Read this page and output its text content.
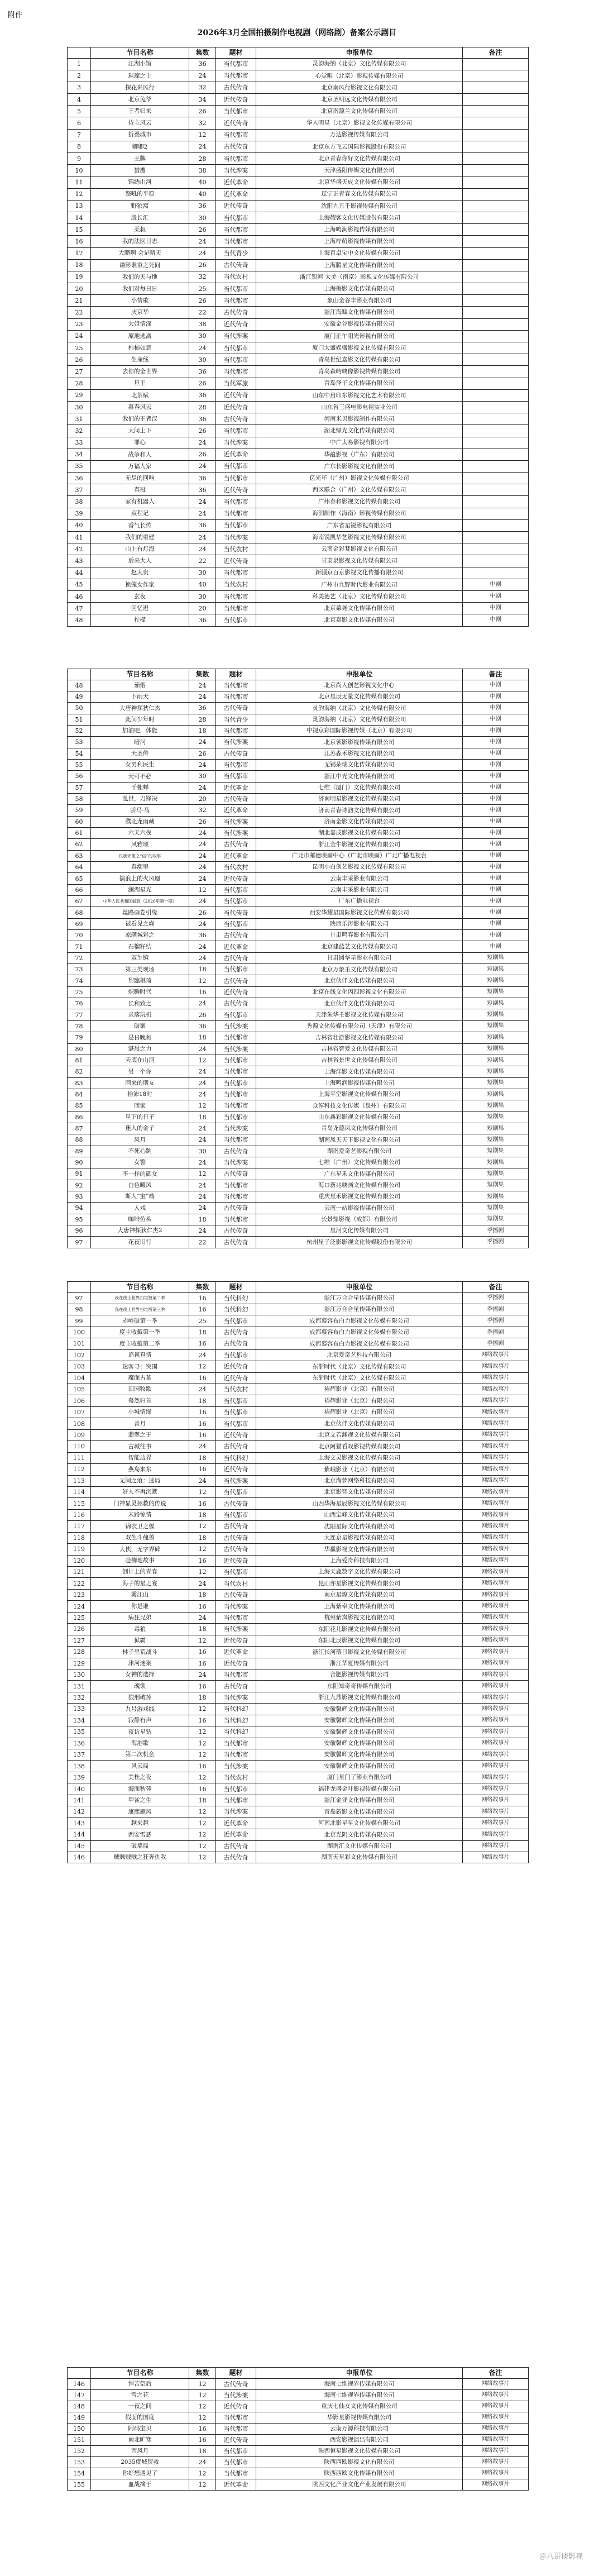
附件
2026年3月全国拍摄制作电视剧（网络剧）备案公示剧目
	节目名称	集数	题材	申报单位	备注
1	江湖小馆	36	当代都市	灵韵海纳（北京）文化传媒有限公司	
2	璀璨之上	24	当代都市	心觉唯（北京）影视传媒有限公司	
3	探花来风行	32	古代传奇	北京南风行影视文化有限公司	
4	北京兔爷	34	近代传奇	北京圣明远文化传媒有限公司	
5	王者归来	26	当代都市	北京南源兰文化传媒有限公司	
6	侍主风云	32	近代传奇	华人明星（北京）影视文化传媒有限公司	
7	折叠城市	12	当代都市	万达影视传媒有限公司	
8	卿卿2	24	古代传奇	北京东方飞云国际影视股份有限公司	
9	王牌	28	当代都市	北京青春你好文化传媒有限公司	
10	猎鹰	38	当代涉案	天津盛阳传媒文化有限公司	
11	锦绣山河	40	近代革命	北京华盛天成文化传媒有限公司	
12	怒吼的平原	40	近代革命	辽宁正青春文化传媒有限公司	
13	野狼窝	36	近代传奇	沈阳九丑千影视传媒有限公司	
14	殷长汇	30	当代都市	上海耀客文化传媒股份有限公司	
15	柔叔	26	当代都市	上海鸣涧影视传媒有限公司	
16	我的法医日志	24	当代都市	上海柠萌影视传媒有限公司	
17	大鹏啊 会是晴天	24	当代青少	上海百卓宝中文化传媒有限公司	
18	谦影谁重之死间	26	古代传奇	上海腾星文化传媒有限公司	
19	我们的天与地	32	当代农村	浙江银河 大美（南京）影视文化传媒有限公司	
20	我们对每日日	25	当代都市	上海梅影文化传媒有限公司	
21	小情歌	26	当代都市	象山金谷丰影业有限公司	
22	庆京华	22	古代传奇	浙江海赋文化传媒有限公司	
23	大姐情深	38	近代传奇	安徽金谷影视传媒有限公司	
24	原地逃离	30	当代涉案	厦门正午阳光影视有限公司	
25	柿柿如意	24	当代都市	厦门大盛娱盛影视文化传媒有限公司	
26	生命线	30	当代都市	青岛世纪嘉影文化传媒有限公司	
27	去你的全世界	36	当代都市	青岛森屿映像影视传媒有限公司	
28	旦王	26	当代军旅	青岛泽子文化传媒有限公司	
29	北茶赋	36	近代传奇	山东中启印东影视文化艺术有限公司	
30	暮春风云	28	近代传奇	山东省三盛电影电视实业公司	
31	我们的王者汉	36	古代传奇	河南米贝影视制作有限公司	
32	大问上下	26	当代都市	湖北绿光文化传媒有限公司	
33	罪心	24	当代涉案	中广太易影视有限公司	
34	战争和人	26	近代革命	华蕴影视（广东）有限公司	
35	万福人家	24	当代都市	广东长影影视文化有限公司	
36	无尽的回响	36	当代都市	亿光年（广州）影视文化传媒有限公司	
37	春冠	36	近代传奇	西区联合（广州）文化传媒有限公司	
38	家有机器人	24	当代都市	广州春和影视文化传媒有限公司	
39	双程记	24	当代都市	海润制作（海南）影视传媒有限公司	
40	香气长传	36	当代都市	广东省星锐影视有限公司	
41	我们的重建	24	当代涉案	海南锐凯华艺影视文化传媒有限公司	
42	山上有灯海	24	当代农村	云南金彩梵影视文化有限公司	
43	后来大人	22	近代传奇	甘肃泉影视文化传媒有限公司	
44	赵大贵	30	当代都市	新疆京百京影视文化传播有限公司	
45	换笼女作家	40	当代农村	广州市九野时代影业有限公司	中剧
46	玄夜	30	当代都市	科美德艺（北京）文化传媒有限公司	中剧
47	回忆迟	20	当代都市	北京慕尧文化传媒有限公司	中剧
48	柠檬	36	当代都市	北京嘉影文化传媒有限公司	中剧
	节目名称	集数	题材	申报单位	备注
48	茹烟	24	当代都市	北京尚人创艺影视文化中心	中剧
49	下雨天	24	当代都市	北京星辰无量文化传媒有限公司	中剧
50	大唐神探狄仁杰	36	古代传奇	灵韵海纳（北京）文化传媒有限公司	中剧
51	此间少年时	28	当代青少	灵韵海纳（北京）文化传媒有限公司	中剧
52	加油吧，体能	18	当代都市	中视京彩国际影视传媒（北京）有限公司	中剧
53	暗河	24	当代涉案	北京领影影视传媒有限公司	中剧
54	天圣传	26	古代传奇	江苏淼禾影视文化有限公司	中剧
55	女男利民生	24	当代都市	无锡朵瑞文化传媒有限公司	中剧
56	天可不必	30	当代都市	浙江中光文化传媒有限公司	中剧
57	千棚蝉	24	近代革命	七维（厦门）文化传媒有限公司	中剧
58	乱世，刀锋决	20	古代传奇	济南明星影视文化传媒有限公司	中剧
59	骄马·马	32	近代革命	济南青春诗韵文化传媒有限公司	中剧
60	濮北龙雨藏	26	当代涉案	济南金影文化传媒有限公司	中剧
61	六天六夜	24	当代涉案	湖北嘉成影视文化传媒有限公司	中剧
62	风雅颂	24	古代传奇	浙江金牛影视文化传媒有限公司	中剧
63	民族守望之“信”的故事	24	近代革命	广北市邮德映画中心（广北市映画）广北广播电视台	中剧
64	春潮里	24	当代农村	昆明小白创艺影视文化传媒有限公司	中剧
65	搞浪上的火凤凰	24	近代传奇	云南丰采影业有限公司	中剧
66	澜湄星光	12	当代都市	云南丰采影业有限公司	中剧
67	中华人民共和国邮政（2026年第一期）	24	当代都市	广东广播电视台	中剧
68	丝路画卷引缘	26	当代传奇	西安华耀星国际影视文化传媒有限公司	中剧
69	被看见之巅	24	当代都市	陕西乐涛影业有限公司	中剧
70	凉颜城彩之	36	古代传奇	甘肃鸣春影业有限公司	中剧
71	石榴籽结	24	近代革命	北京建蓝艺文化传媒有限公司	中剧
72	双生镜	24	古代传奇	甘肃圆华星影业有限公司	短剧集
73	第三类现场	18	当代都市	北京万象壬文化传媒有限公司	短剧集
74	犁臨棋琦	12	古代传奇	北京伙伴文化传媒有限公司	短剧集
75	炽瞬时代	16	近代传奇	北京在线文化丙四影视文化有限公司	短剧集
76	长和致之	24	古代传奇	北京伙伴文化传媒有限公司	短剧集
77	求落玩机	26	当代都市	天津朱华壬影视文化传媒有限公司	短剧集
78	破案	36	当代涉案	秀源文化传媒有限公司（天津）有限公司	短剧集
79	是日晚和	18	当代都市	吉林省壮游影视文化传媒有限公司	短剧集
80	湛晨之力	24	当代涉案	吉林省智爱文化传媒有限公司	短剧集
81	天底在山河	12	当代都市	吉林省景世文化传媒有限公司	短剧集
82	另一个你	24	当代都市	上海洋影文化传媒有限公司	短剧集
83	回来的朋友	24	当代都市	上海鸣润影视传媒有限公司	短剧集
84	拾沛18时	24	当代都市	上海平空影视文化传媒有限公司	短剧集
85	回家	12	当代都市	众淳科技文化传媒（泉州）有限公司	短剧集
86	星下的日子	18	当代都市	山东鑫彩影视文化传媒有限公司	短剧集
87	迷人的金子	24	当代涉案	青岛龙德凤文化传媒有限公司	短剧集
88	风月	24	当代都市	湖南凤天天下影视文化有限公司	短剧集
89	不死心跳	30	古代传奇	湖南爱奇艺影视有限公司	短剧集
90	女警	24	当代涉案	七维（广州）文化传媒有限公司	短剧集
91	不一样的御女	12	古代传奇	广东星禾文化传媒有限公司	短剧集
92	白色曦风	24	当代都市	海口新兆映画文化传媒有限公司	短剧集
93	斯人“宝”端	24	当代都市	重庆星禾影视文化传媒有限公司	短剧集
94	入戏	24	古代传奇	云南一站影视传媒有限公司	短剧集
95	咖啡鱼头	18	当代都市	长景鼎影视（成都）有限公司	短剧集
96	大唐神探狄仁杰2	24	古代传奇	星河文化传媒有限公司	季播剧
97	花夜旧行	22	古代传奇	杭州星子泛影影视文化传媒股份有限公司	季播剧
	节目名称	集数	题材	申报单位	备注
97	我在废土世界扫垃圾第二季	16	当代科幻	浙江万合合星传媒有限公司	季播剧
98	我在废土世界扫垃圾第三季	16	当代科幻	浙江万合合星传媒有限公司	季播剧
99	赤岭破第一季	25	当代都市	成都慕容布白力影视文化传媒有限公司	季播剧
100	度主收戴第一季	18	古代传奇	成都慕容布白力影视文化传媒有限公司	季播剧
101	度主收戴第二季	16	古代传奇	成都慕容布白力影视文化传媒有限公司	季播剧
102	追视真情	24	当代都市	北京爱奇艺科技有限公司	网络故事片
103	迷客寻：突围	12	近代传奇	东浙时代（北京）文化传媒有限公司	网络故事片
104	魔面古墓	16	近代传奇	东浙时代（北京）文化传媒有限公司	网络故事片
105	田园牧歌	24	当代农村	裕辉影业（北京）有限公司	网络故事片
106	蓦然归首	18	当代都市	裕辉影业（北京）有限公司	网络故事片
107	小城情缘	16	当代都市	裕辉影业（北京）有限公司	网络故事片
108	善月	16	当代都市	北京伙伴文化传媒有限公司	网络故事片
109	翡翠之王	16	近代传奇	北京文若渊视文化传媒有限公司	网络故事片
110	古城往事	24	古代传奇	北京阿猫看戏影视传媒有限公司	网络故事片
111	智能边界	18	当代科幻	上海文灵影视文化传媒有限公司	网络故事片
112	燕岛来东	16	近代传奇	紫峨影业（北京）有限公司	网络故事片
113	无间之痕：迷局	24	当代涉案	北京淘梦网络科技有限公司	网络故事片
114	好人不再沉默	12	当代都市	北京影智文化传媒有限公司	网络故事片
115	门神显灵拯救的传说	16	古代传奇	山西华海星辰影视文化传媒有限公司	网络故事片
116	未路惊情	18	当代都市	山西宝峰文化传媒有限公司	网络故事片
117	锦衣卫之偃	12	古代传奇	沈阳星际文化传媒有限公司	网络故事片
118	双生斗傀兽	18	古代传奇	大连京星影视传媒有限公司	网络故事片
119	大侠，无字界碑	12	古代传奇	华纛影视文化传媒有限公司	网络故事片
120	赴柳地故事	16	近代传奇	上海爱奇科技有限公司	网络故事片
121	倒计上的青春	12	当代都市	上海天鹿数字文化传媒有限公司	网络故事片
122	海子的星之宴	24	当代农村	昆山亦星影视文化传媒有限公司	网络故事片
123	雾江山	18	古代传奇	南京星燎文化传媒有限公司	网络故事片
124	你是谁	16	当代涉案	上海紫奉文化传媒有限公司	网络故事片
125	病狂兄弟	24	当代都市	杭州紫岚影视文化有限公司	网络故事片
126	毒狼	18	当代涉案	东阳花儿影视文化传媒有限公司	网络故事片
127	狱霸	12	近代传奇	东阳北辰影视文化传媒有限公司	网络故事片
128	林子里荒战斗	16	近代革命	浙江长河落日影视文化传媒有限公司	网络故事片
129	津河迷案	16	近代传奇	浙江华夏传媒有限公司	网络故事片
130	女神的选择	24	当代都市	合肥影视传媒有限公司	网络故事片
131	魂锁	16	古代传奇	东阳知奇奇传媒有限公司	网络故事片
132	狼刑破掉	18	当代涉案	浙江九鼎影视文化传媒有限公司	网络故事片
133	九号游戏线	12	当代科幻	安徽馨辉文化传媒有限公司	网络故事片
134	寂静有声	16	当代科幻	安徽馨辉文化传媒有限公司	网络故事片
135	夜访星钻	12	当代科幻	安徽馨辉文化传媒有限公司	网络故事片
136	海港歌	12	当代都市	安徽馨辉文化传媒有限公司	网络故事片
137	第二次机会	12	当代都市	安徽馨辉文化传媒有限公司	网络故事片
138	风云局	16	当代涉案	安徽馨辉文化传媒有限公司	网络故事片
139	美杜之夜	12	当代农村	厦门星门了影业有限公司	网络故事片
140	海面秋苑	16	当代都市	福建龙盛金叶影视传媒有限公司	网络故事片
141	甲雀之生	18	当代都市	浙江金亚文化传媒有限公司	网络故事片
142	康熙雁风	12	当代涉案	青岛新影文化传媒有限公司	网络故事片
143	越来越	12	近代革命	河南北影星星文化传媒有限公司	网络故事片
144	西安雪恶	12	近代革命	北京光阴文化传媒有限公司	网络故事片
145	破墙局	12	古代传奇	湖南汇文化传媒有限公司	网络故事片
146	贼贼贼贼之狂奔仇我	12	古代传奇	湖南天星彩文化传媒有限公司	网络故事片
	节目名称	集数	题材	申报单位	备注
146	悍苦祭后	12	古代传奇	海南七维视界传媒有限公司	网络故事片
147	雪之花	12	当代涉案	海南七维视界传媒有限公司	网络故事片
148	一夜之间	12	近代传奇	重庆七仙女文化传媒有限公司	网络故事片
149	假面的国度	12	当代都市	华影星影视传媒有限公司	网络故事片
150	阿码宝贝	16	当代都市	云南万源科技有限公司	网络故事片
151	南北旷寒	16	近代传奇	西安影视演出有限公司	网络故事片
152	西风月	18	当代都市	陕西恒星影视文化传媒有限公司	网络故事片
153	2035度城贸救	24	当代都市	陕西西欧影视文化有限公司	网络故事片
154	你好想遇见了	12	当代都市	陕西西欧文化传媒有限公司	网络故事片
155	血战擒于	12	近代革命	陕西文化产业文化产业发展有限公司	网络故事片
＠八哥谈影视
